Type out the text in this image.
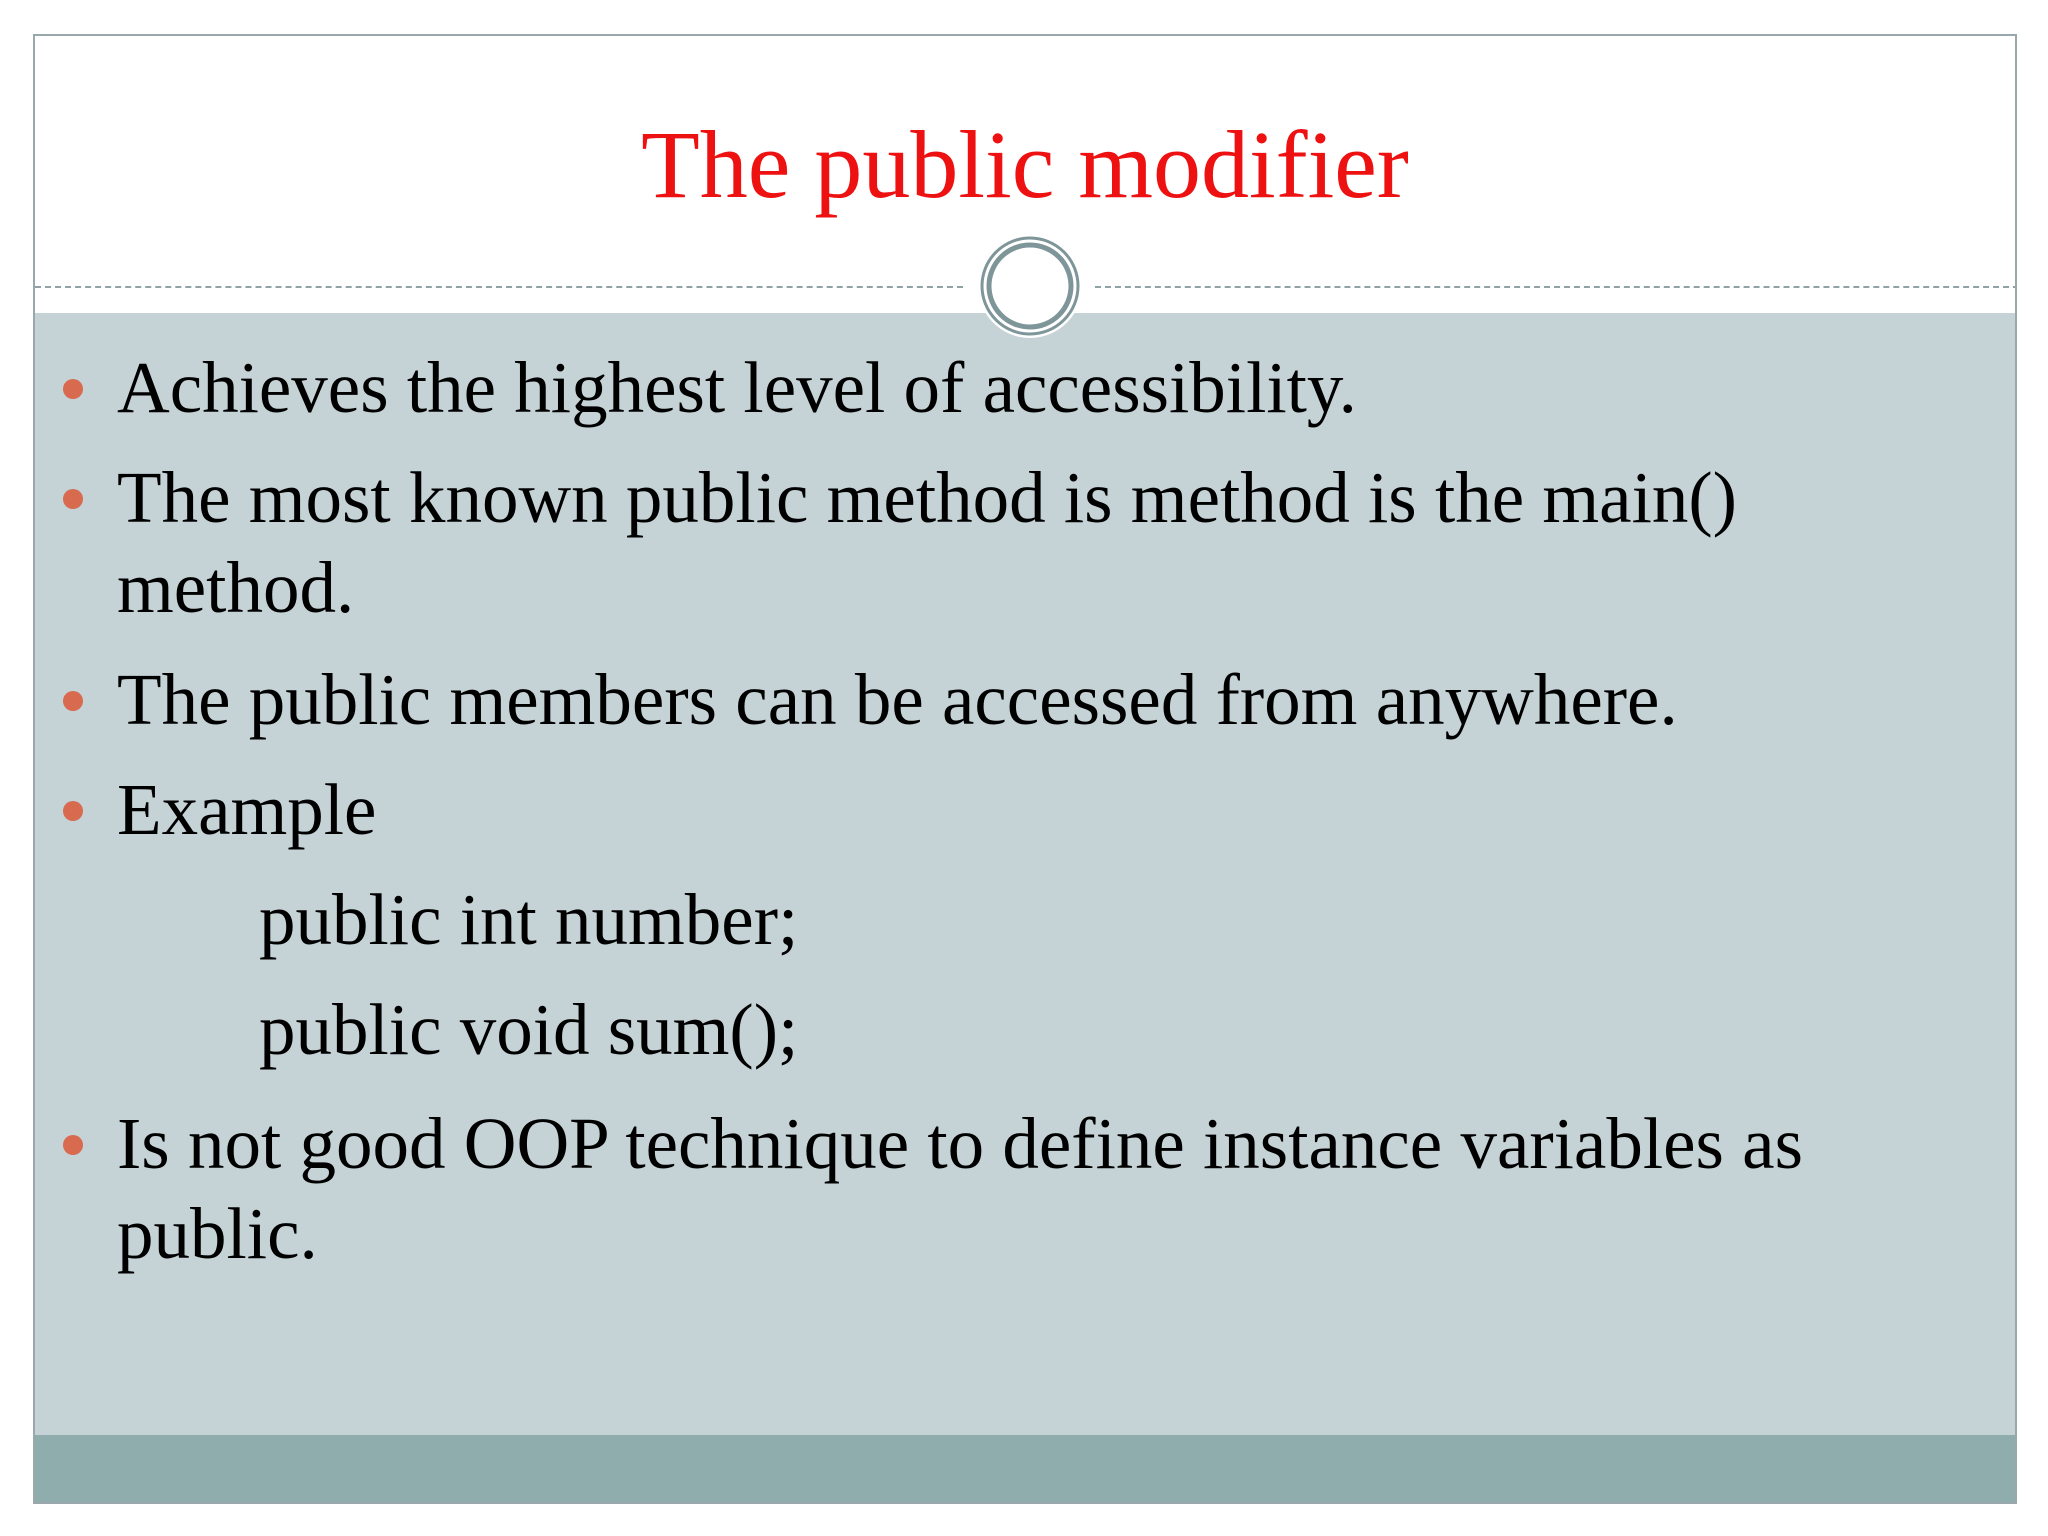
The public modifier
Achieves the highest level of accessibility.
The most known public method is method is the main()
method.
The public members can be accessed from anywhere.
Example
public int number;
public void sum();
Is not good OOP technique to define instance variables as
public.
